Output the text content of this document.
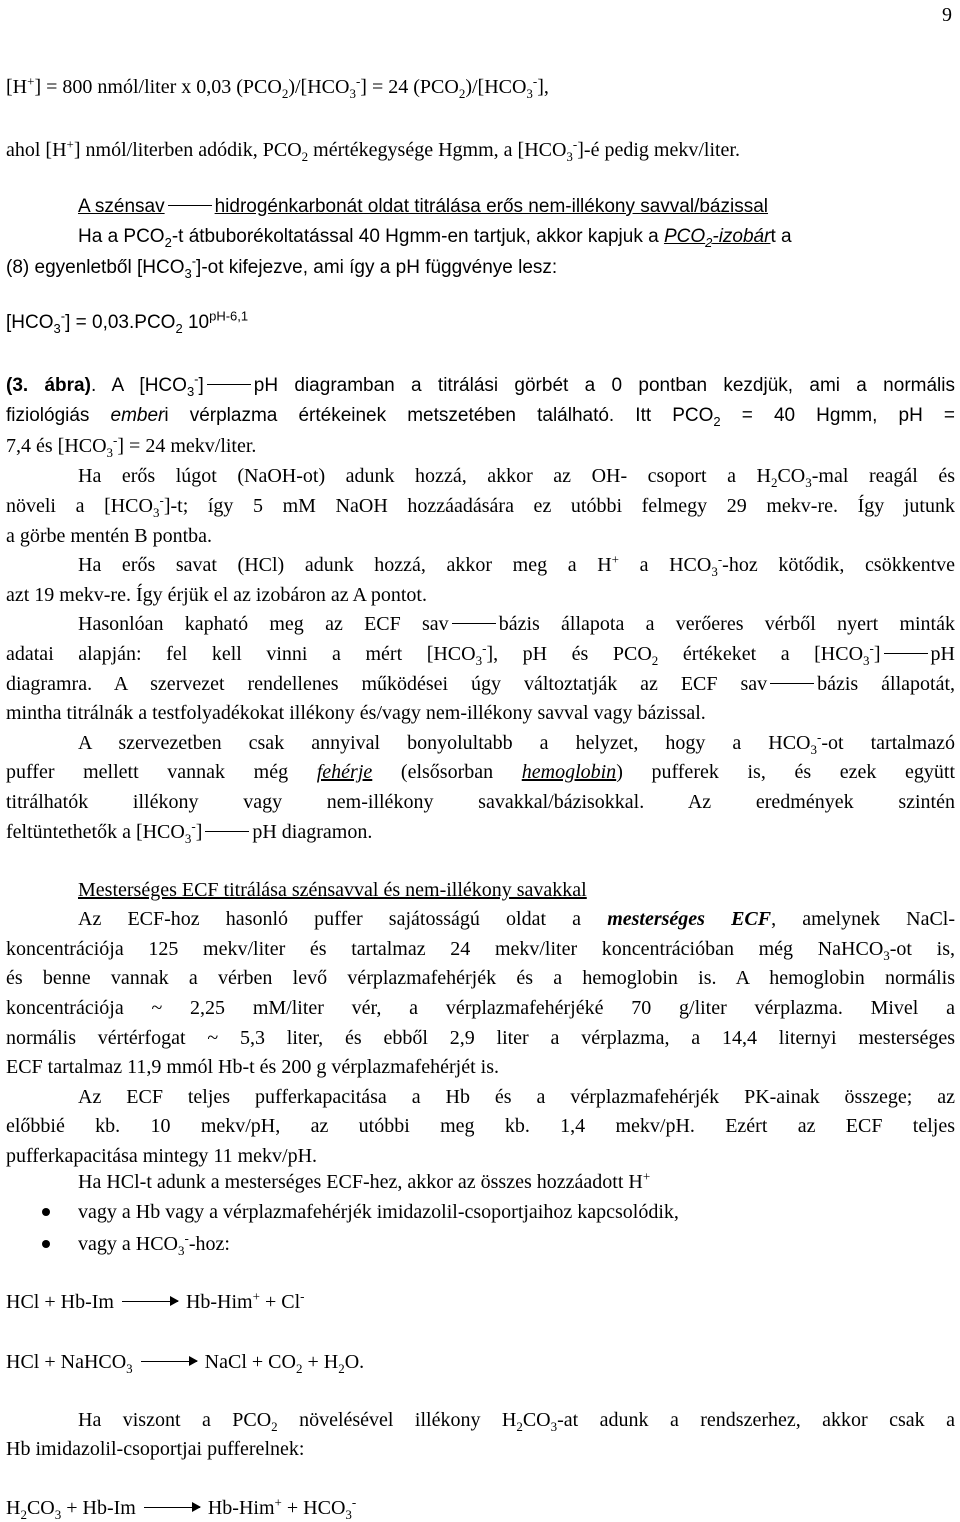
9
[H+] = 800 nmól/liter x 0,03 $(PCO_2)/[HCO_3^-] = 24$ $(PCO_2)/[HCO_3^-]$,
ahol [H+] nmól/literben adódik, $PCO_2$ mértékegysége Hgmm, a $[HCO_3^-]-é$ pedig mekv/liter.
A szénsav	hidrogénkarbonát oldat titrálása erős nem-illékony savval/bázissal
Ha a $PCO_2-t$ átbuborékoltatással 40 Hgmm-en tartjuk, akkor kapjuk a $PCO_2$-izobárt a
(8) egyenletből $[HCO_3^-]-ot$ kifejezve, ami így a pH függvénye lesz:
$[HCO_3^-] = 0,03.PCO_2$ $10^{pH-6,1}$
(3. ábra). A $[HCO_3^-]$	pH diagramban a titrálási görbét a 0 pontban kezdjük, ami a normális
fiziológiás emberi vérplazma értékeinek metszetében található. Itt $PCO_2 = 40$ Hgmm, pH =
7,4 és $[HCO_3^-] = 24$ mekv/liter.
Ha erős lúgot (NaOH-ot) adunk hozzá, akkor az OH- csoport a $H_2CO_3$-mal reagál és
növeli a $[HCO_3^-]-t$; így 5 mM NaOH hozzáadására ez utóbbi felmegy 29 mekv-re. Így jutunk
a görbe mentén B pontba.
Ha erős savat (HCl) adunk hozzá, akkor meg a H+ a $HCO_3^-$-hoz kötődik, csökkentve
azt 19 mekv-re. Így érjük el az izobáron az A pontot.
Hasonlóan kapható meg az ECF sav	bázis állapota a verőeres vérből nyert minták
adatai alapján: fel kell vinni a mért $[HCO_3^-]$, pH és $PCO_2$ értékeket a $[HCO_3^-]$	pH
diagramra. A szervezet rendellenes működései úgy változtatják az ECF sav	bázis állapotát,
mintha titrálnák a testfolyadékokat illékony és/vagy nem-illékony savval vagy bázissal.
A szervezetben csak annyival bonyolultabb a helyzet, hogy a $HCO_3^--ot$ tartalmazó
puffer mellett vannak még fehérje (elsősorban hemoglobin) pufferek is, és ezek együtt
titrálhatók illékony vagy nem-illékony savakkal/bázisokkal. Az eredmények szintén
feltüntethetők a $[HCO_3^-]$	pH diagramon.
Mesterséges ECF titrálása szénsavval és nem-illékony savakkal
Az ECF-hoz hasonló puffer sajátosságú oldat a mesterséges ECF, amelynek NaCl-
koncentrációja 125 mekv/liter és tartalmaz 24 mekv/liter koncentrációban még NaHCO$_3$-ot is,
és benne vannak a vérben levő vérplazmafehérjék és a hemoglobin is. A hemoglobin normális
koncentrációja ~ 2,25 mM/liter vér, a vérplazmafehérjéké 70 g/liter vérplazma. Mivel a
normális vértérfogat ~ 5,3 liter, és ebből 2,9 liter a vérplazma, a 14,4 liternyi mesterséges
ECF tartalmaz 11,9 mmól Hb-t és 200 g vérplazmafehérjét is.
Az ECF teljes pufferkapacitása a Hb és a vérplazmafehérjék PK-ainak összege; az
előbbié kb. 10 mekv/pH, az utóbbi meg kb. 1,4 mekv/pH. Ezért az ECF teljes
pufferkapacitása mintegy 11 mekv/pH.
Ha HCl-t adunk a mesterséges ECF-hez, akkor az összes hozzáadott H+
vagy a Hb vagy a vérplazmafehérjék imidazolil-csoportjaihoz kapcsolódik,
vagy a $HCO_3^-$-hoz:
HCl + Hb-Im	Hb-Him+ + Cl-
HCl + NaHCO$_3$	NaCl + $CO_2 + H_2O$.
Ha viszont a $PCO_2$ növelésével illékony $H_2CO_3-at$ adunk a rendszerhez, akkor csak a
Hb imidazolil-csoportjai pufferelnek:
$H_2CO_3 + Hb-Im$	$Hb-Him^+ + HCO_3^-$
